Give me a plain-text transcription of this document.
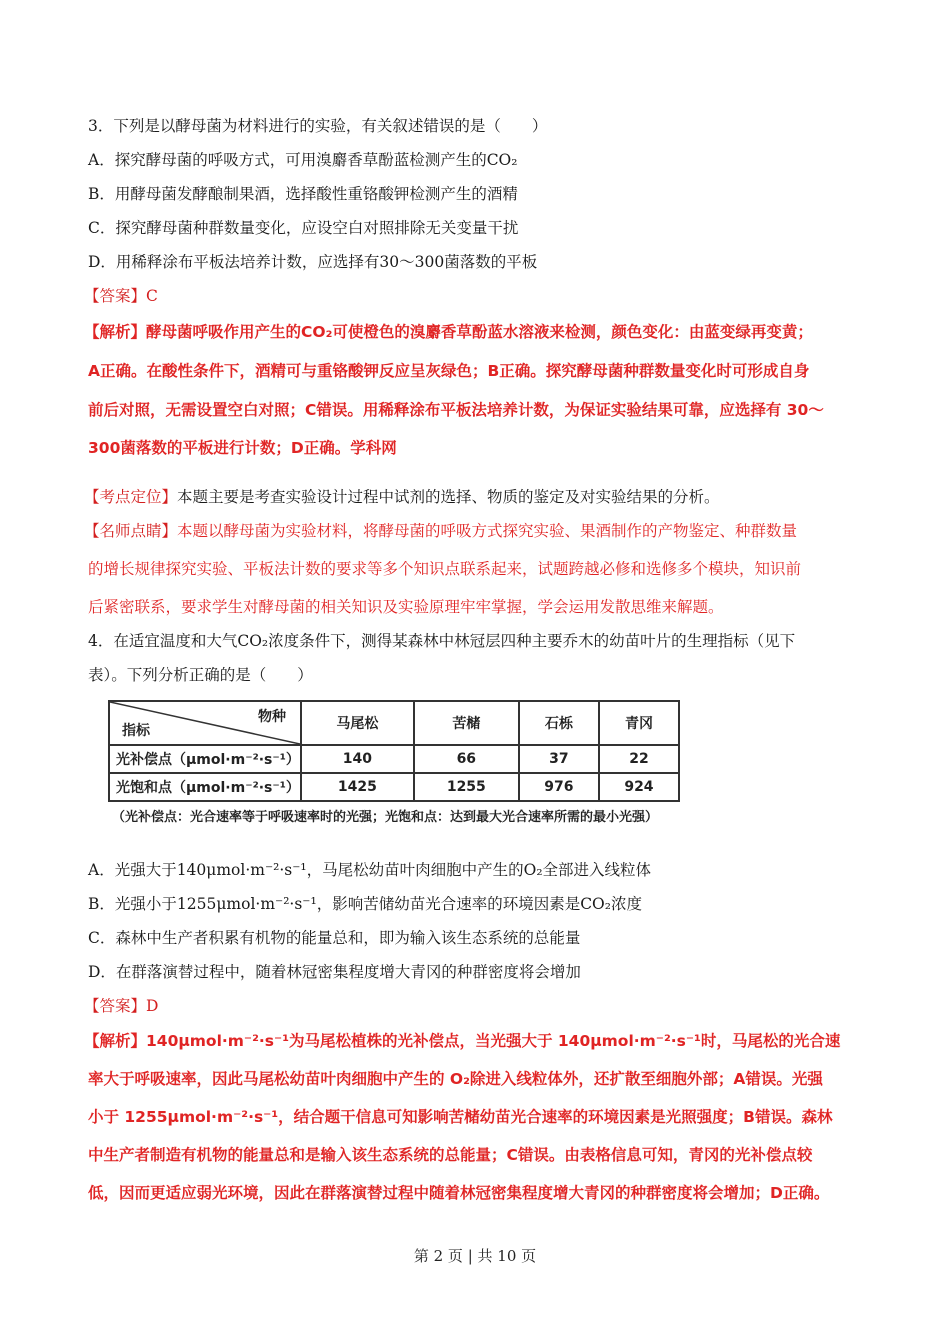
3．下列是以酵母菌为材料进行的实验，有关叙述错误的是（　　）
A．探究酵母菌的呼吸方式，可用溴麝香草酚蓝检测产生的CO₂
B．用酵母菌发酵酿制果酒，选择酸性重铬酸钾检测产生的酒精
C．探究酵母菌种群数量变化，应设空白对照排除无关变量干扰
D．用稀释涂布平板法培养计数，应选择有30～300菌落数的平板
【答案】C
【解析】酵母菌呼吸作用产生的CO₂可使橙色的溴麝香草酚蓝水溶液来检测，颜色变化：由蓝变绿再变黄；
A正确。在酸性条件下，酒精可与重铬酸钾反应呈灰绿色；B正确。探究酵母菌种群数量变化时可形成自身
前后对照，无需设置空白对照；C错误。用稀释涂布平板法培养计数，为保证实验结果可靠，应选择有 30～
300菌落数的平板进行计数；D正确。学科网
【考点定位】本题主要是考查实验设计过程中试剂的选择、物质的鉴定及对实验结果的分析。
【名师点睛】本题以酵母菌为实验材料，将酵母菌的呼吸方式探究实验、果酒制作的产物鉴定、种群数量
的增长规律探究实验、平板法计数的要求等多个知识点联系起来，试题跨越必修和选修多个模块，知识前
后紧密联系，要求学生对酵母菌的相关知识及实验原理牢牢掌握，学会运用发散思维来解题。
4．在适宜温度和大气CO₂浓度条件下，测得某森林中林冠层四种主要乔木的幼苗叶片的生理指标（见下
表）。下列分析正确的是（　　）
物种
指标	马尾松	苦槠	石栎	青冈
光补偿点（μmol·m⁻²·s⁻¹）	140	66	37	22
光饱和点（μmol·m⁻²·s⁻¹）	1425	1255	976	924
（光补偿点：光合速率等于呼吸速率时的光强；光饱和点：达到最大光合速率所需的最小光强）
A．光强大于140μmol·m⁻²·s⁻¹，马尾松幼苗叶肉细胞中产生的O₂全部进入线粒体
B．光强小于1255μmol·m⁻²·s⁻¹，影响苦储幼苗光合速率的环境因素是CO₂浓度
C．森林中生产者积累有机物的能量总和，即为输入该生态系统的总能量
D．在群落演替过程中，随着林冠密集程度增大青冈的种群密度将会增加
【答案】D
【解析】140μmol·m⁻²·s⁻¹为马尾松植株的光补偿点，当光强大于 140μmol·m⁻²·s⁻¹时，马尾松的光合速
率大于呼吸速率，因此马尾松幼苗叶肉细胞中产生的 O₂除进入线粒体外，还扩散至细胞外部；A错误。光强
小于 1255μmol·m⁻²·s⁻¹，结合题干信息可知影响苦槠幼苗光合速率的环境因素是光照强度；B错误。森林
中生产者制造有机物的能量总和是输入该生态系统的总能量；C错误。由表格信息可知，青冈的光补偿点较
低，因而更适应弱光环境，因此在群落演替过程中随着林冠密集程度增大青冈的种群密度将会增加；D正确。
第 2 页 | 共 10 页
